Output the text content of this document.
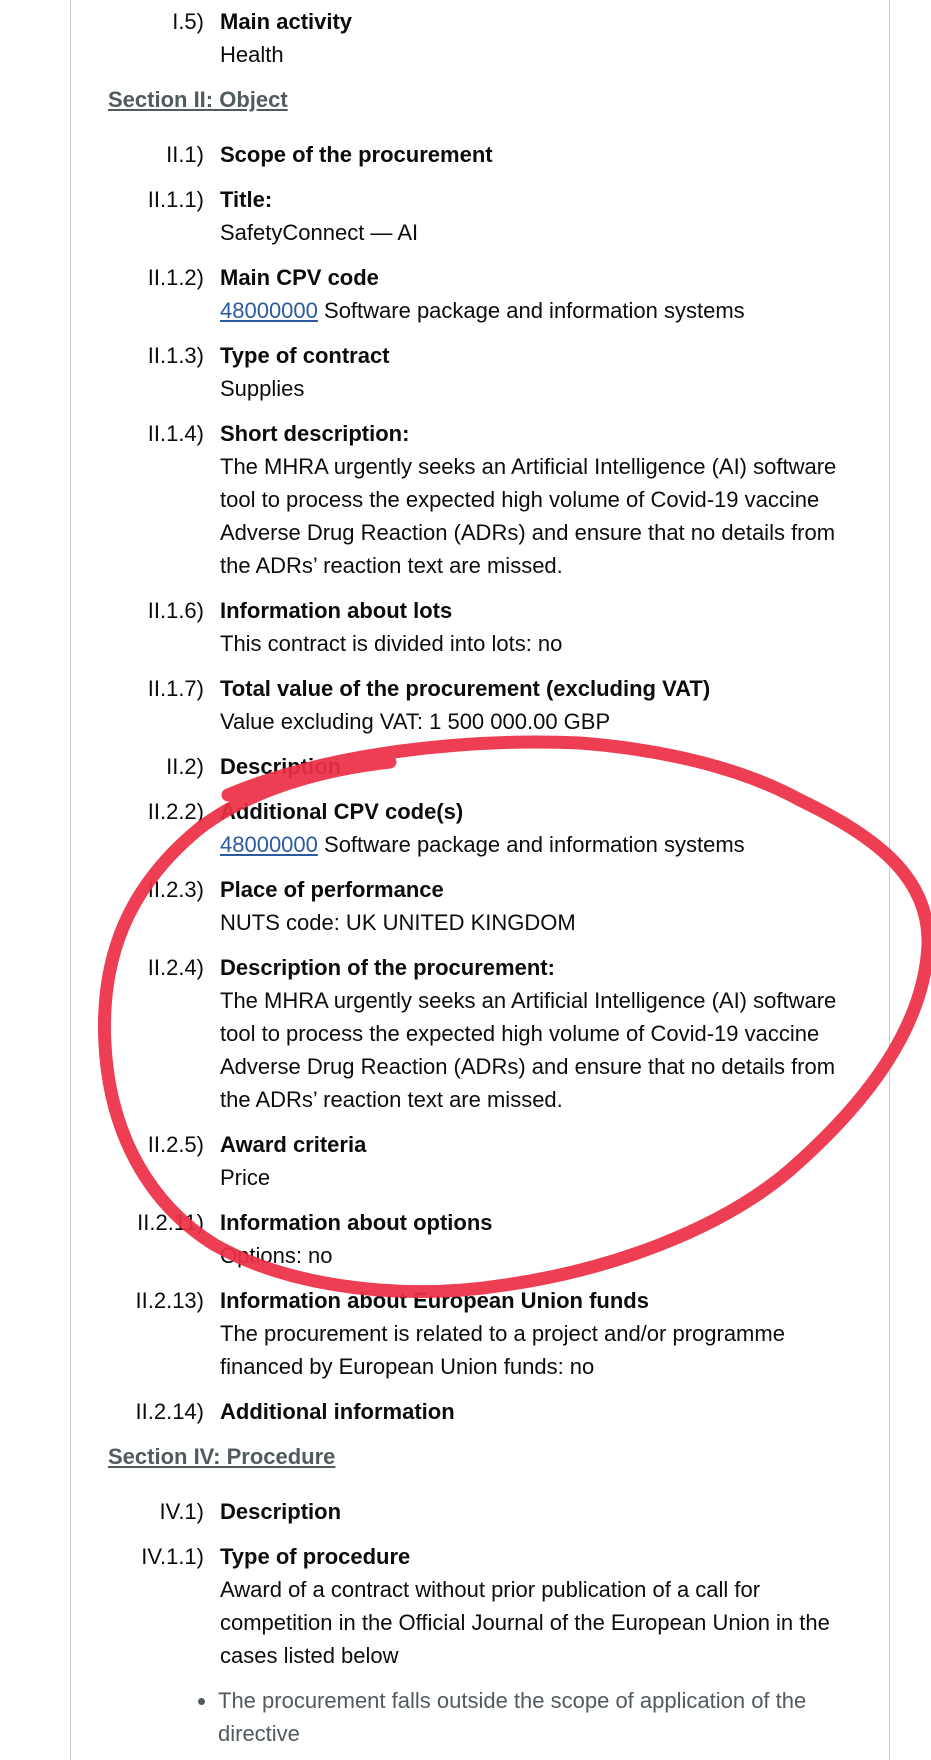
I.5) Main activity
Health
Section II: Object
II.1) Scope of the procurement
II.1.1) Title:
SafetyConnect — AI
II.1.2) Main CPV code
48000000 Software package and information systems
II.1.3) Type of contract
Supplies
II.1.4) Short description:
The MHRA urgently seeks an Artificial Intelligence (AI) software tool to process the expected high volume of Covid-19 vaccine Adverse Drug Reaction (ADRs) and ensure that no details from the ADRs’ reaction text are missed.
II.1.6) Information about lots
This contract is divided into lots: no
II.1.7) Total value of the procurement (excluding VAT)
Value excluding VAT: 1 500 000.00 GBP
II.2) Description
II.2.2) Additional CPV code(s)
48000000 Software package and information systems
II.2.3) Place of performance
NUTS code: UK UNITED KINGDOM
II.2.4) Description of the procurement:
The MHRA urgently seeks an Artificial Intelligence (AI) software tool to process the expected high volume of Covid-19 vaccine Adverse Drug Reaction (ADRs) and ensure that no details from the ADRs’ reaction text are missed.
II.2.5) Award criteria
Price
II.2.11) Information about options
Options: no
II.2.13) Information about European Union funds
The procurement is related to a project and/or programme financed by European Union funds: no
II.2.14) Additional information
Section IV: Procedure
IV.1) Description
IV.1.1) Type of procedure
Award of a contract without prior publication of a call for competition in the Official Journal of the European Union in the cases listed below
• The procurement falls outside the scope of application of the directive
